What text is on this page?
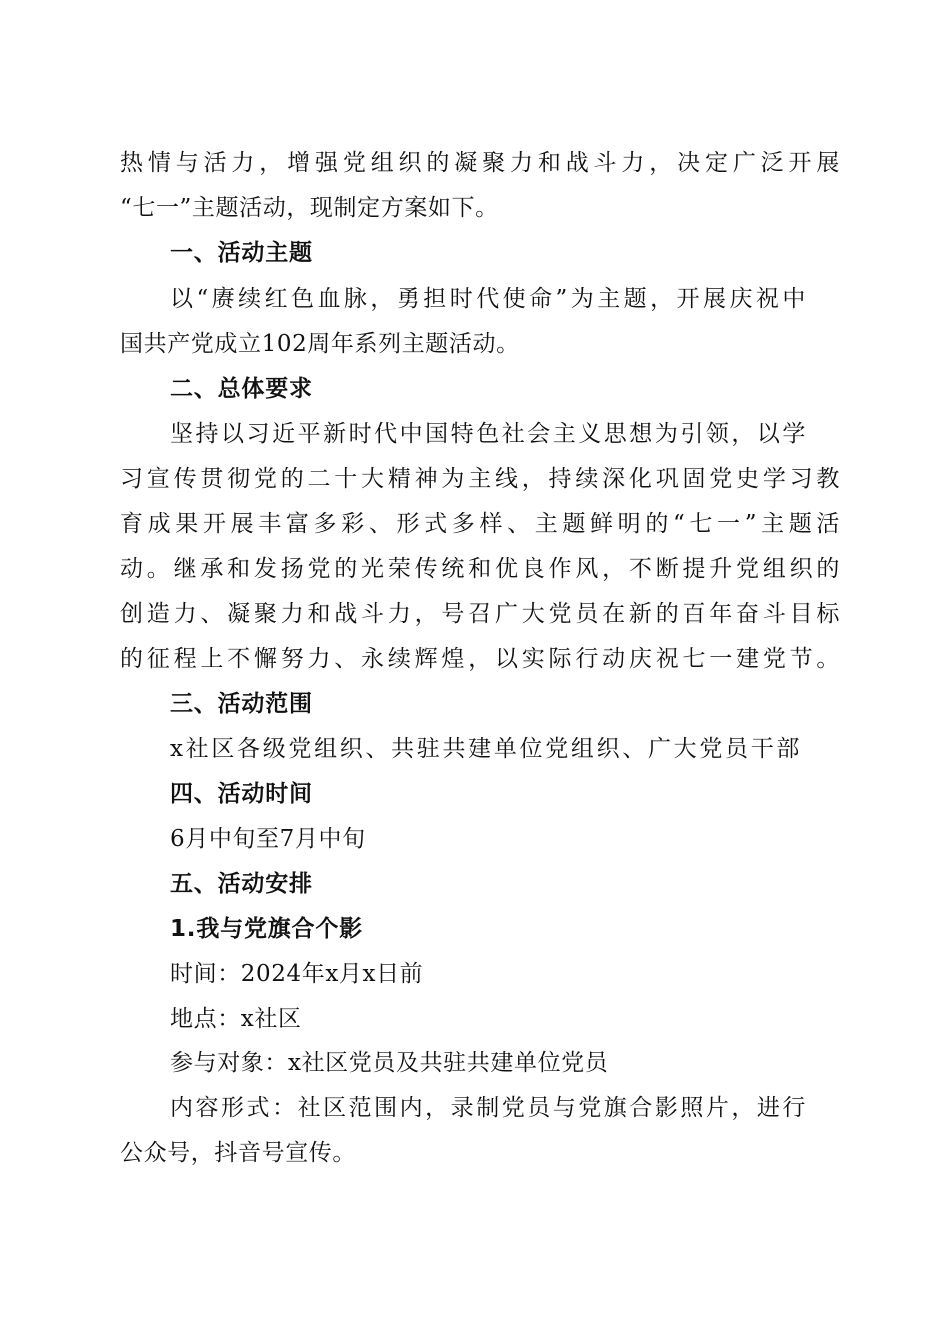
热情与活力，增强党组织的凝聚力和战斗力，决定广泛开展
“七一”主题活动，现制定方案如下。
一、活动主题
以“赓续红色血脉，勇担时代使命”为主题，开展庆祝中
国共产党成立102周年系列主题活动。
二、总体要求
坚持以习近平新时代中国特色社会主义思想为引领，以学
习宣传贯彻党的二十大精神为主线，持续深化巩固党史学习教
育成果开展丰富多彩、形式多样、主题鲜明的“七一”主题活
动。继承和发扬党的光荣传统和优良作风，不断提升党组织的
创造力、凝聚力和战斗力，号召广大党员在新的百年奋斗目标
的征程上不懈努力、永续辉煌，以实际行动庆祝七一建党节。
三、活动范围
x社区各级党组织、共驻共建单位党组织、广大党员干部
四、活动时间
6月中旬至7月中旬
五、活动安排
1.我与党旗合个影
时间：2024年x月x日前
地点：x社区
参与对象：x社区党员及共驻共建单位党员
内容形式：社区范围内，录制党员与党旗合影照片，进行
公众号，抖音号宣传。
